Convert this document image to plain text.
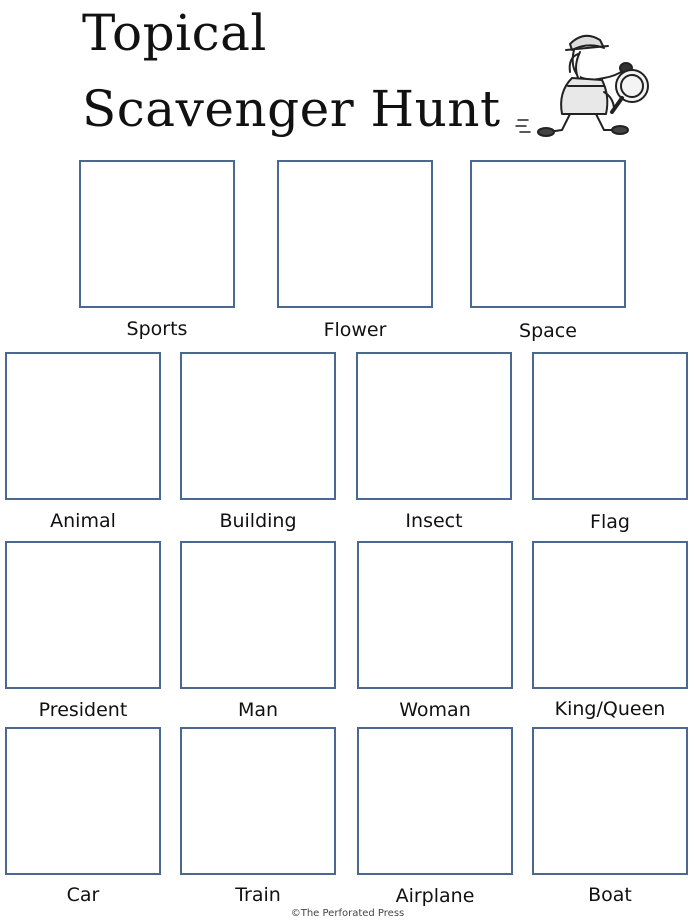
Topical
Scavenger Hunt
Sports	Flower	Space
Animal	Building	Insect	Flag
President	Man	Woman	King/Queen
Car	Train	Airplane	Boat
©The Perforated Press
